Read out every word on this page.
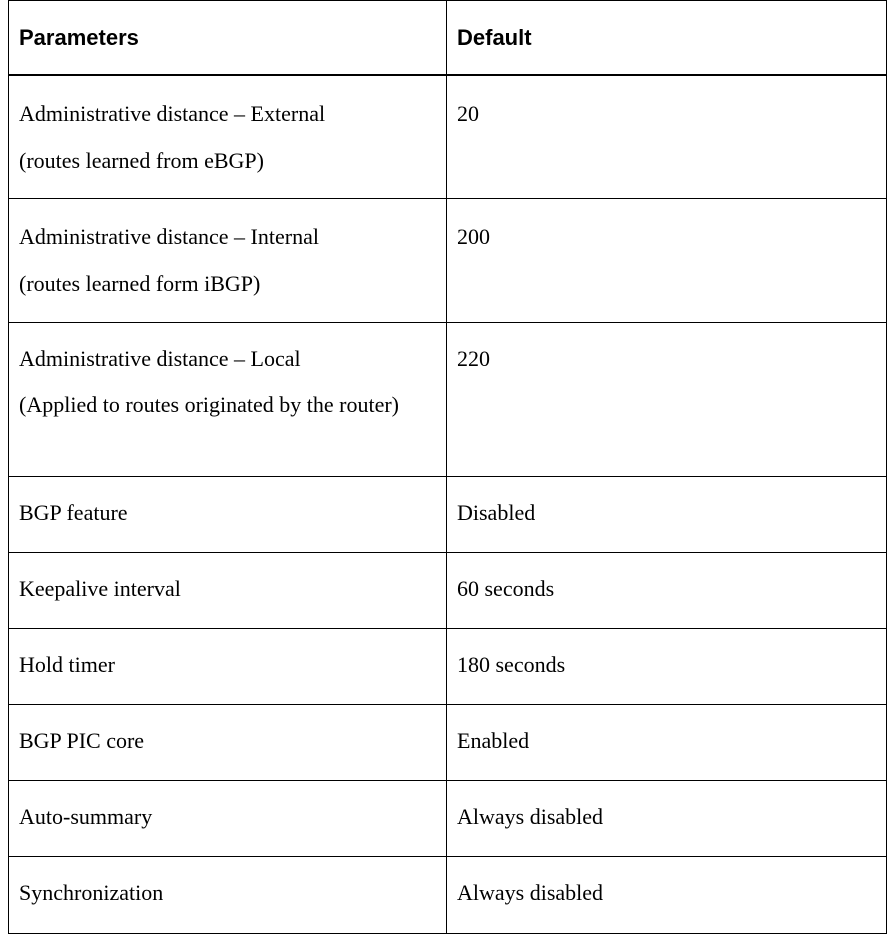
Parameters	Default

Administrative distance – External
(routes learned from eBGP)	20

Administrative distance – Internal
(routes learned form iBGP)	200

Administrative distance – Local
(Applied to routes originated by the router)	220
BGP feature	Disabled
Keepalive interval	60 seconds
Hold timer	180 seconds
BGP PIC core	Enabled
Auto-summary	Always disabled
Synchronization	Always disabled
